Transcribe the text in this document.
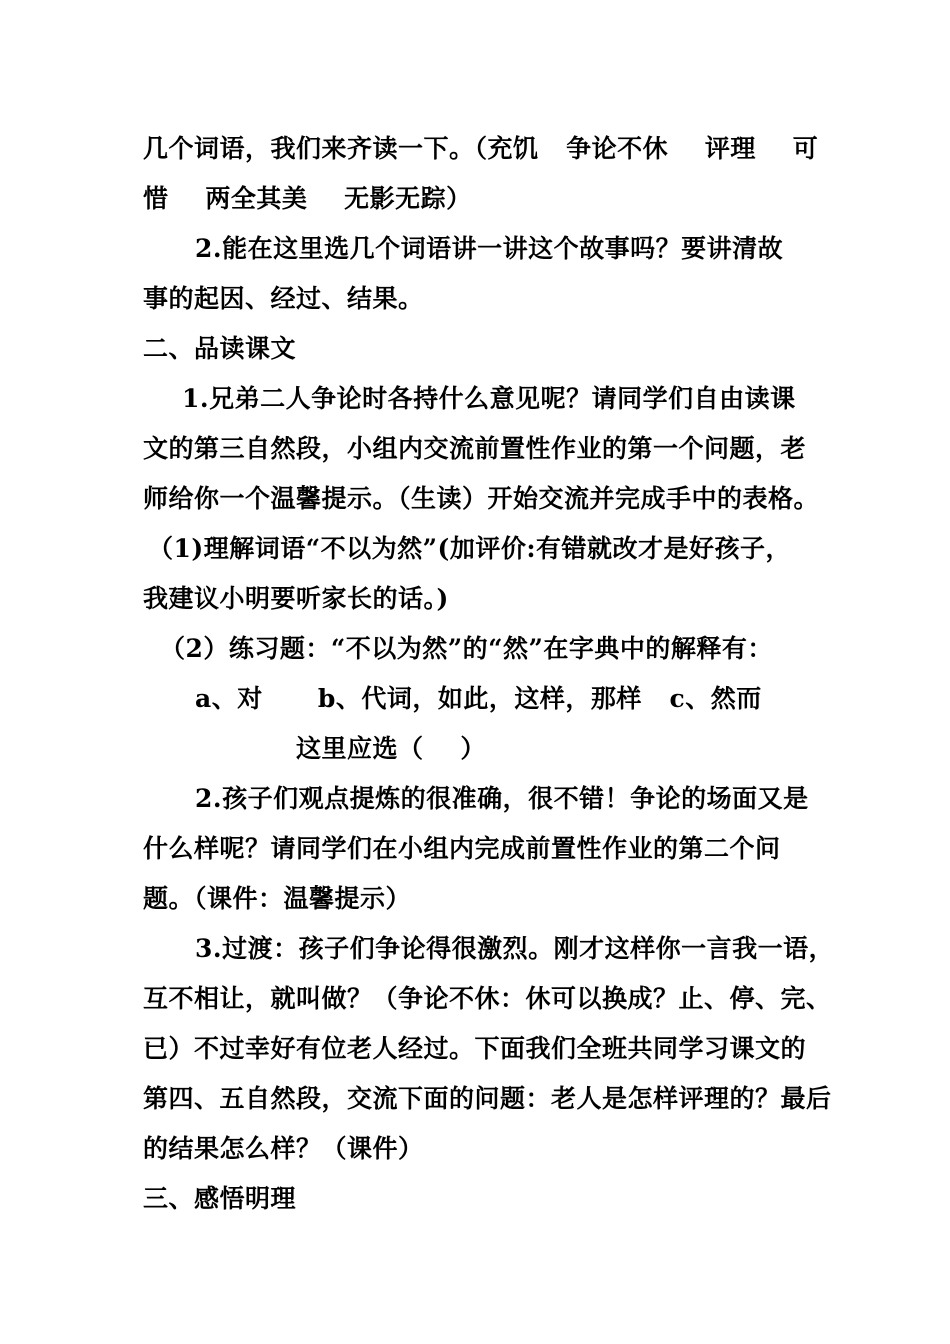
几个词语，我们来齐读一下。（充饥   争论不休    评理    可
惜    两全其美    无影无踪）
2.能在这里选几个词语讲一讲这个故事吗？要讲清故
事的起因、经过、结果。
二、品读课文
1.兄弟二人争论时各持什么意见呢？请同学们自由读课
文的第三自然段，小组内交流前置性作业的第一个问题，老
师给你一个温馨提示。（生读）开始交流并完成手中的表格。
（1)理解词语“不以为然”(加评价:有错就改才是好孩子，
我建议小明要听家长的话。)
（2）练习题：“不以为然”的“然”在字典中的解释有：
a、对      b、代词，如此，这样，那样   c、然而
这里应选（    ）
2.孩子们观点提炼的很准确，很不错！争论的场面又是
什么样呢？请同学们在小组内完成前置性作业的第二个问
题。（课件：温馨提示）
3.过渡：孩子们争论得很激烈。刚才这样你一言我一语，
互不相让，就叫做？（争论不休：休可以换成？止、停、完、
已）不过幸好有位老人经过。下面我们全班共同学习课文的
第四、五自然段，交流下面的问题：老人是怎样评理的？最后
的结果怎么样？（课件）
三、感悟明理
